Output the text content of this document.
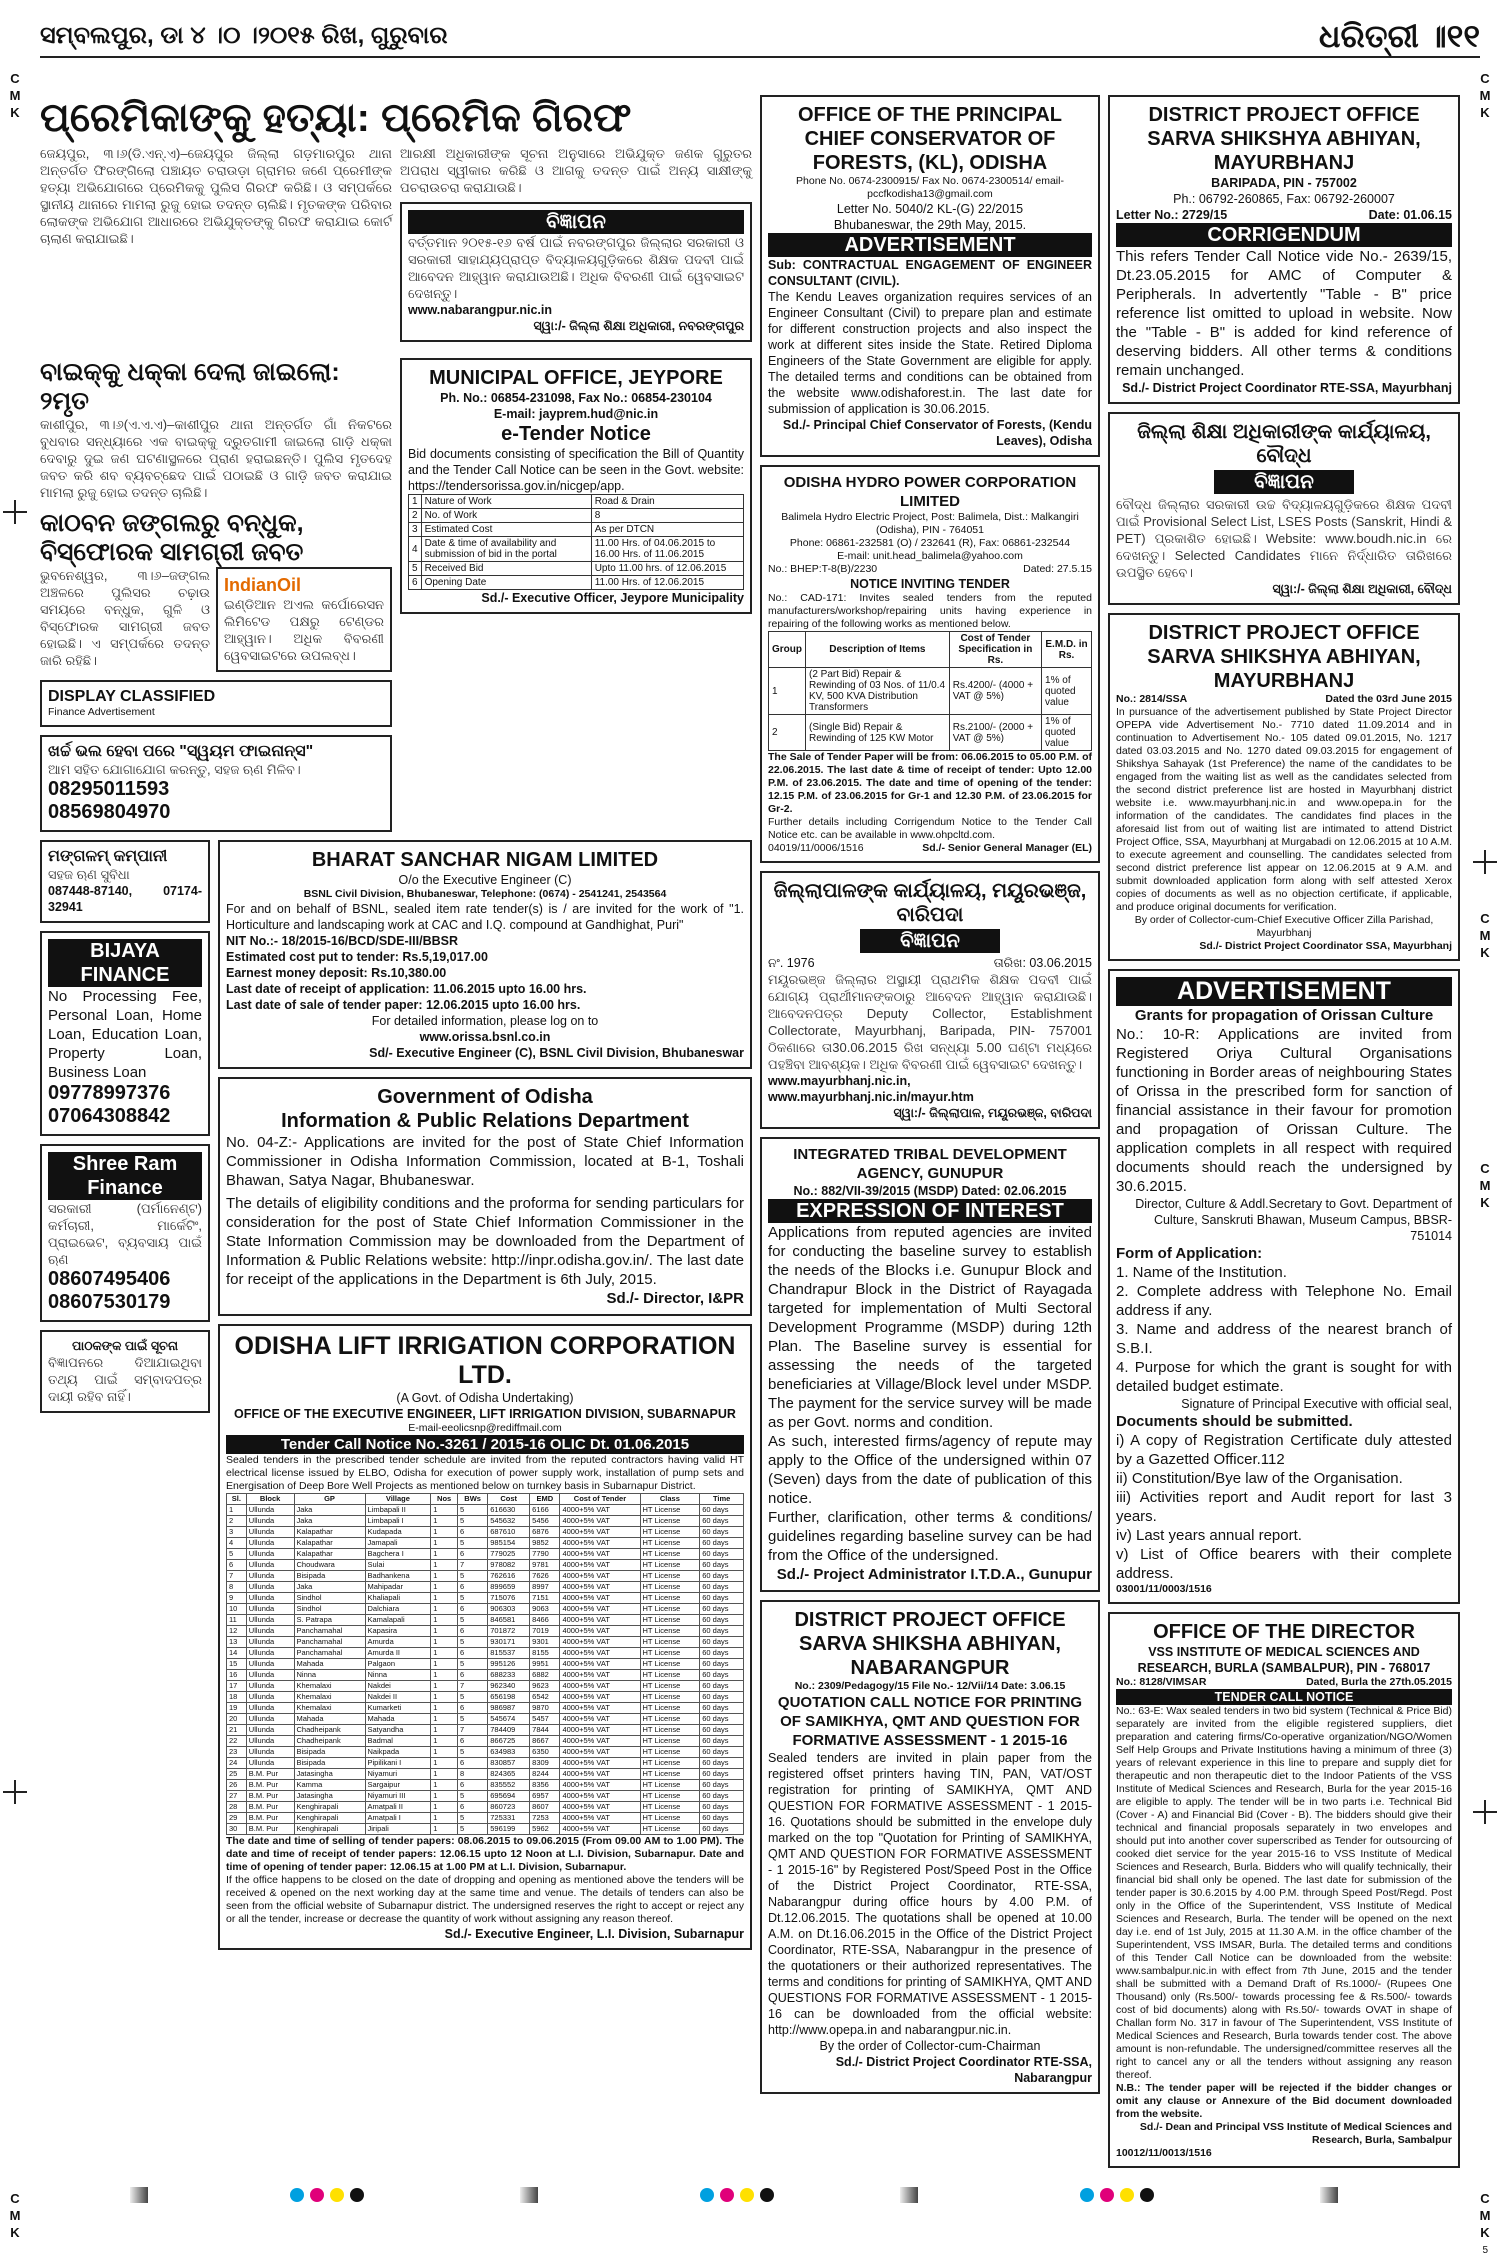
ସମ୍ବଲପୁର, ଡା ୪ ।୦ ।୨୦୧୫ ରିଖ, ଗୁରୁବାର	ଧରିତ୍ରୀ ॥୧୧
C M K
C M K
C M K
C M K
C M K
C M K
ପ୍ରେମିକାଙ୍କୁ ହତ୍ୟା: ପ୍ରେମିକ ଗିରଫ
ଜେୟପୁର, ୩।୬(ଡି.ଏନ୍.ଏ)–ଜେୟପୁର ଜିଲ୍ଲା ଗଡ଼ମାରପୁର ଥାନା ଅନ୍ତର୍ଗତ ଫିରଙ୍ଗିଲୋ ପଞ୍ଚାୟତ ଚରାଉଡ଼ା ଗ୍ରାମର ଜଣେ ପ୍ରେମୀଙ୍କ ହତ୍ୟା ଅଭିଯୋଗରେ ପ୍ରେମିକକୁ ପୁଲିସ ଗିରଫ କରିଛି। ଓ ସମ୍ପର୍କରେ ସ୍ଥାନୀୟ ଥାନାରେ ମାମଲା ରୁଜୁ ହୋଇ ତଦନ୍ତ ଚାଲିଛି। ମୃତକଙ୍କ ପରିବାର ଲୋକଙ୍କ ଅଭିଯୋଗ ଆଧାରରେ ଅଭିଯୁକ୍ତଙ୍କୁ ଗିରଫ କରାଯାଇ କୋର୍ଟ ଚାଲାଣ କରାଯାଇଛି।
ଆରକ୍ଷୀ ଅଧିକାରୀଙ୍କ ସୂଚନା ଅନୁସାରେ ଅଭିଯୁକ୍ତ ଜଣକ ଗୁରୁତର ଅପରାଧ ସ୍ୱୀକାର କରିଛି ଓ ଆଗକୁ ତଦନ୍ତ ପାଇଁ ଅନ୍ୟ ସାକ୍ଷୀଙ୍କୁ ପଚରାଉଚରା କରାଯାଉଛି।
ବିଜ୍ଞାପନ
ବର୍ତ୍ତମାନ ୨୦୧୫-୧୬ ବର୍ଷ ପାଇଁ ନବରଙ୍ଗପୁର ଜିଲ୍ଲାର ସରକାରୀ ଓ ସରକାରୀ ସାହାଯ୍ୟପ୍ରାପ୍ତ ବିଦ୍ୟାଳୟଗୁଡ଼ିକରେ ଶିକ୍ଷକ ପଦବୀ ପାଇଁ ଆବେଦନ ଆହ୍ୱାନ କରାଯାଉଅଛି। ଅଧିକ ବିବରଣୀ ପାଇଁ ୱେବସାଇଟ ଦେଖନ୍ତୁ।
www.nabarangpur.nic.in
ସ୍ୱା:/- ଜିଲ୍ଲା ଶିକ୍ଷା ଅଧିକାରୀ, ନବରଙ୍ଗପୁର
ବାଇକ୍‌କୁ ଧକ୍କା ଦେଲା ଜାଇଲୋ: ୨ମୃତ
କାଶୀପୁର, ୩।୬(ଏ.ଏ.ଏ)–କାଶୀପୁର ଥାନା ଅନ୍ତର୍ଗତ ଗାଁ ନିକଟରେ ବୁଧବାର ସନ୍ଧ୍ୟାରେ ଏକ ବାଇକ୍‌କୁ ଦ୍ରୁତଗାମୀ ଜାଇଲୋ ଗାଡ଼ି ଧକ୍କା ଦେବାରୁ ଦୁଇ ଜଣ ଘଟଣାସ୍ଥଳରେ ପ୍ରାଣ ହରାଇଛନ୍ତି। ପୁଲିସ ମୃତଦେହ ଜବତ କରି ଶବ ବ୍ୟବଚ୍ଛେଦ ପାଇଁ ପଠାଇଛି ଓ ଗାଡ଼ି ଜବତ କରାଯାଇ ମାମଲା ରୁଜୁ ହୋଇ ତଦନ୍ତ ଚାଲିଛି।
କାଠବନ ଜଙ୍ଗଲରୁ ବନ୍ଧୁକ, ବିସ୍ଫୋରକ ସାମଗ୍ରୀ ଜବତ
ଭୁବନେଶ୍ୱର, ୩।୬–ଜଙ୍ଗଲ ଅଞ୍ଚଳରେ ପୁଲିସର ଚଢ଼ାଉ ସମୟରେ ବନ୍ଧୁକ, ଗୁଳି ଓ ବିସ୍ଫୋରକ ସାମଗ୍ରୀ ଜବତ ହୋଇଛି। ଏ ସମ୍ପର୍କରେ ତଦନ୍ତ ଜାରି ରହିଛି।
IndianOil
ଇଣ୍ଡିଆନ ଅଏଲ କର୍ପୋରେସନ ଲିମିଟେଡ ପକ୍ଷରୁ ଟେଣ୍ଡର ଆହ୍ୱାନ। ଅଧିକ ବିବରଣୀ ୱେବସାଇଟରେ ଉପଲବ୍ଧ।
DISPLAY CLASSIFIED
Finance Advertisement
ଖର୍ଚ୍ଚ ଭଲ ହେବା ପରେ "ସ୍ୱୟମ ଫାଇନାନ୍ସ"
ଆମ ସହିତ ଯୋଗାଯୋଗ କରନ୍ତୁ, ସହଜ ଋଣ ମିଳିବ।
08295011593
08569804970
MUNICIPAL OFFICE, JEYPORE
Ph. No.: 06854-231098, Fax No.: 06854-230104
E-mail: jayprem.hud@nic.in
e-Tender Notice
Bid documents consisting of specification the Bill of Quantity and the Tender Call Notice can be seen in the Govt. website: https://tendersorissa.gov.in/nicgep/app.
1	Nature of Work	Road & Drain
2	No. of Work	8
3	Estimated Cost	As per DTCN
4	Date & time of availability and submission of bid in the portal	11.00 Hrs. of 04.06.2015 to 16.00 Hrs. of 11.06.2015
5	Received Bid	Upto 11.00 hrs. of 12.06.2015
6	Opening Date	11.00 Hrs. of 12.06.2015
Sd./- Executive Officer, Jeypore Municipality
ମଙ୍ଗଳମ୍ କମ୍ପାନୀ
ସହଜ ଋଣ ସୁବିଧା
087448-87140, 07174-32941
BIJAYA FINANCE
No Processing Fee, Personal Loan, Home Loan, Education Loan, Property Loan, Business Loan
09778997376
07064308842
Shree Ram Finance
ସରକାରୀ (ପର୍ମାନେଣ୍ଟ) କର୍ମଚାରୀ, ମାର୍କେଟିଂ, ପ୍ରାଇଭେଟ, ବ୍ୟବସାୟ ପାଇଁ ଋଣ
08607495406
08607530179
ପାଠକଙ୍କ ପାଇଁ ସୂଚନା
ବିଜ୍ଞାପନରେ ଦିଆଯାଇଥିବା ତଥ୍ୟ ପାଇଁ ସମ୍ବାଦପତ୍ର ଦାୟୀ ରହିବ ନାହିଁ।
BHARAT SANCHAR NIGAM LIMITED
O/o the Executive Engineer (C)
BSNL Civil Division, Bhubaneswar, Telephone: (0674) - 2541241, 2543564
For and on behalf of BSNL, sealed item rate tender(s) is / are invited for the work of "1. Horticulture and landscaping work at CAC and I.Q. compound at Gandhighat, Puri"
NIT No.:- 18/2015-16/BCD/SDE-III/BBSR
Estimated cost put to tender: Rs.5,19,017.00
Earnest money deposit: Rs.10,380.00
Last date of receipt of application: 11.06.2015 upto 16.00 hrs.
Last date of sale of tender paper: 12.06.2015 upto 16.00 hrs.
For detailed information, please log on to
www.orissa.bsnl.co.in
Sd/- Executive Engineer (C), BSNL Civil Division, Bhubaneswar
Government of Odisha
Information & Public Relations Department
No. 04-Z:- Applications are invited for the post of State Chief Information Commissioner in Odisha Information Commission, located at B-1, Toshali Bhawan, Satya Nagar, Bhubaneswar.
The details of eligibility conditions and the proforma for sending particulars for consideration for the post of State Chief Information Commissioner in the State Information Commission may be downloaded from the Department of Information & Public Relations website: http://inpr.odisha.gov.in/. The last date for receipt of the applications in the Department is 6th July, 2015.
Sd./- Director, I&PR
ODISHA LIFT IRRIGATION CORPORATION LTD.
(A Govt. of Odisha Undertaking)
OFFICE OF THE EXECUTIVE ENGINEER, LIFT IRRIGATION DIVISION, SUBARNAPUR
E-mail-eeolicsnp@rediffmail.com
Tender Call Notice No.-3261 / 2015-16 OLIC Dt. 01.06.2015
Sealed tenders in the prescribed tender schedule are invited from the reputed contractors having valid HT electrical license issued by ELBO, Odisha for execution of power supply work, installation of pump sets and Energisation of Deep Bore Well Projects as mentioned below on turnkey basis in Subarnapur District.
Sl.	Block	GP	Village	Nos	BWs	Cost	EMD	Cost of Tender	Class	Time
1	Ullunda	Jaka	Limbapali II	1	5	616630	6166	4000+5% VAT	HT License	60 days
2	Ullunda	Jaka	Limbapali I	1	5	545632	5456	4000+5% VAT	HT License	60 days
3	Ullunda	Kalapathar	Kudapada	1	6	687610	6876	4000+5% VAT	HT License	60 days
4	Ullunda	Kalapathar	Jamapali	1	5	985154	9852	4000+5% VAT	HT License	60 days
5	Ullunda	Kalapathar	Bagchera I	1	6	779025	7790	4000+5% VAT	HT License	60 days
6	Ullunda	Choudwara	Sulai	1	7	978082	9781	4000+5% VAT	HT License	60 days
7	Ullunda	Bisipada	Badhankena	1	5	762616	7626	4000+5% VAT	HT License	60 days
8	Ullunda	Jaka	Mahipadar	1	6	899659	8997	4000+5% VAT	HT License	60 days
9	Ullunda	Sindhol	Khaliapali	1	5	715076	7151	4000+5% VAT	HT License	60 days
10	Ullunda	Sindhol	Dalchiara	1	6	906303	9063	4000+5% VAT	HT License	60 days
11	Ullunda	S. Patrapa	Kamalapali	1	5	846581	8466	4000+5% VAT	HT License	60 days
12	Ullunda	Panchamahal	Kapasira	1	6	701872	7019	4000+5% VAT	HT License	60 days
13	Ullunda	Panchamahal	Amurda	1	5	930171	9301	4000+5% VAT	HT License	60 days
14	Ullunda	Panchamahal	Amurda II	1	6	815537	8155	4000+5% VAT	HT License	60 days
15	Ullunda	Mahada	Palgaon	1	5	995126	9951	4000+5% VAT	HT License	60 days
16	Ullunda	Ninna	Ninna	1	6	688233	6882	4000+5% VAT	HT License	60 days
17	Ullunda	Khemalaxi	Nakdei	1	7	962340	9623	4000+5% VAT	HT License	60 days
18	Ullunda	Khemalaxi	Nakdei II	1	5	656198	6542	4000+5% VAT	HT License	60 days
19	Ullunda	Khemalaxi	Kumarketi	1	6	986987	9870	4000+5% VAT	HT License	60 days
20	Ullunda	Mahada	Mahada	1	5	545674	5457	4000+5% VAT	HT License	60 days
21	Ullunda	Chadheipank	Satyandha	1	7	784409	7844	4000+5% VAT	HT License	60 days
22	Ullunda	Chadheipank	Badmal	1	6	866725	8667	4000+5% VAT	HT License	60 days
23	Ullunda	Bisipada	Naikpada	1	5	634983	6350	4000+5% VAT	HT License	60 days
24	Ullunda	Bisipada	Pipilikani I	1	6	830857	8309	4000+5% VAT	HT License	60 days
25	B.M. Pur	Jatasingha	Niyamuri	1	8	824365	8244	4000+5% VAT	HT License	60 days
26	B.M. Pur	Kamma	Sargaipur	1	6	835552	8356	4000+5% VAT	HT License	60 days
27	B.M. Pur	Jatasingha	Niyamuri III	1	5	695694	6957	4000+5% VAT	HT License	60 days
28	B.M. Pur	Kenghirapali	Amatpali II	1	6	860723	8607	4000+5% VAT	HT License	60 days
29	B.M. Pur	Kenghirapali	Amatpali I	1	5	725331	7253	4000+5% VAT	HT License	60 days
30	B.M. Pur	Kenghirapali	Jiripali	1	5	596199	5962	4000+5% VAT	HT License	60 days
The date and time of selling of tender papers: 08.06.2015 to 09.06.2015 (From 09.00 AM to 1.00 PM). The date and time of receipt of tender papers: 12.06.15 upto 12 Noon at L.I. Division, Subarnapur. Date and time of opening of tender paper: 12.06.15 at 1.00 PM at L.I. Division, Subarnapur.
If the office happens to be closed on the date of dropping and opening as mentioned above the tenders will be received & opened on the next working day at the same time and venue. The details of tenders can also be seen from the official website of Subarnapur district. The undersigned reserves the right to accept or reject any or all the tender, increase or decrease the quantity of work without assigning any reason thereof.
Sd./- Executive Engineer, L.I. Division, Subarnapur
OFFICE OF THE PRINCIPAL CHIEF CONSERVATOR OF FORESTS, (KL), ODISHA
Phone No. 0674-2300915/ Fax No. 0674-2300514/ email-pccfkodisha13@gmail.com
Letter No. 5040/2 KL-(G) 22/2015
Bhubaneswar, the 29th May, 2015.
ADVERTISEMENT
Sub: CONTRACTUAL ENGAGEMENT OF ENGINEER CONSULTANT (CIVIL).
The Kendu Leaves organization requires services of an Engineer Consultant (Civil) to prepare plan and estimate for different construction projects and also inspect the work at different sites inside the State. Retired Diploma Engineers of the State Government are eligible for apply. The detailed terms and conditions can be obtained from the website www.odishaforest.in. The last date for submission of application is 30.06.2015.
Sd./- Principal Chief Conservator of Forests, (Kendu Leaves), Odisha
ODISHA HYDRO POWER CORPORATION LIMITED
Balimela Hydro Electric Project, Post: Balimela, Dist.: Malkangiri (Odisha), PIN - 764051
Phone: 06861-232581 (O) / 232641 (R), Fax: 06861-232544
E-mail: unit.head_balimela@yahoo.com
No.: BHEP:T-8(B)/2230	Dated: 27.5.15
NOTICE INVITING TENDER
No.: CAD-171: Invites sealed tenders from the reputed manufacturers/workshop/repairing units having experience in repairing of the following works as mentioned below.
Group	Description of Items	Cost of Tender Specification in Rs.	E.M.D. in Rs.
1	(2 Part Bid) Repair & Rewinding of 03 Nos. of 11/0.4 KV, 500 KVA Distribution Transformers	Rs.4200/- (4000 + VAT @ 5%)	1% of quoted value
2	(Single Bid) Repair & Rewinding of 125 KW Motor	Rs.2100/- (2000 + VAT @ 5%)	1% of quoted value
The Sale of Tender Paper will be from: 06.06.2015 to 05.00 P.M. of 22.06.2015. The last date & time of receipt of tender: Upto 12.00 P.M. of 23.06.2015. The date and time of opening of the tender: 12.15 P.M. of 23.06.2015 for Gr-1 and 12.30 P.M. of 23.06.2015 for Gr-2.
Further details including Corrigendum Notice to the Tender Call Notice etc. can be available in www.ohpcltd.com.
04019/11/0006/1516	Sd./- Senior General Manager (EL)
ଜିଲ୍ଲାପାଳଙ୍କ କାର୍ଯ୍ୟାଳୟ, ମୟୂରଭଞ୍ଜ, ବାରିପଦା
ବିଜ୍ଞାପନ
ନଂ. 1976	ତାରିଖ: 03.06.2015
ମୟୂରଭଞ୍ଜ ଜିଲ୍ଲାର ଅସ୍ଥାୟୀ ପ୍ରାଥମିକ ଶିକ୍ଷକ ପଦବୀ ପାଇଁ ଯୋଗ୍ୟ ପ୍ରାର୍ଥୀମାନଙ୍କଠାରୁ ଆବେଦନ ଆହ୍ୱାନ କରାଯାଉଛି। ଆବେଦନପତ୍ର Deputy Collector, Establishment Collectorate, Mayurbhanj, Baripada, PIN- 757001 ଠିକଣାରେ ତା30.06.2015 ରିଖ ସନ୍ଧ୍ୟା 5.00 ଘଣ୍ଟା ମଧ୍ୟରେ ପହଞ୍ଚିବା ଆବଶ୍ୟକ। ଅଧିକ ବିବରଣୀ ପାଇଁ ୱେବସାଇଟ ଦେଖନ୍ତୁ।
www.mayurbhanj.nic.in, www.mayurbhanj.nic.in/mayur.htm
ସ୍ୱା:/- ଜିଲ୍ଲାପାଳ, ମୟୂରଭଞ୍ଜ, ବାରିପଦା
INTEGRATED TRIBAL DEVELOPMENT AGENCY, GUNUPUR
No.: 882/VII-39/2015 (MSDP) Dated: 02.06.2015
EXPRESSION OF INTEREST
Applications from reputed agencies are invited for conducting the baseline survey to establish the needs of the Blocks i.e. Gunupur Block and Chandrapur Block in the District of Rayagada targeted for implementation of Multi Sectoral Development Programme (MSDP) during 12th Plan. The Baseline survey is essential for assessing the needs of the targeted beneficiaries at Village/Block level under MSDP. The payment for the service survey will be made as per Govt. norms and condition.
As such, interested firms/agency of repute may apply to the Office of the undersigned within 07 (Seven) days from the date of publication of this notice.
Further, clarification, other terms & conditions/ guidelines regarding baseline survey can be had from the Office of the undersigned.
Sd./- Project Administrator I.T.D.A., Gunupur
DISTRICT PROJECT OFFICE
SARVA SHIKSHA ABHIYAN, NABARANGPUR
No.: 2309/Pedagogy/15 File No.- 12/Vii/14 Date: 3.06.15
QUOTATION CALL NOTICE FOR PRINTING OF SAMIKHYA, QMT AND QUESTION FOR FORMATIVE ASSESSMENT - 1 2015-16
Sealed tenders are invited in plain paper from the registered offset printers having TIN, PAN, VAT/OST registration for printing of SAMIKHYA, QMT AND QUESTION FOR FORMATIVE ASSESSMENT - 1 2015-16. Quotations should be submitted in the envelope duly marked on the top "Quotation for Printing of SAMIKHYA, QMT AND QUESTION FOR FORMATIVE ASSESSMENT - 1 2015-16" by Registered Post/Speed Post in the Office of the District Project Coordinator, RTE-SSA, Nabarangpur during office hours by 4.00 P.M. of Dt.12.06.2015. The quotations shall be opened at 10.00 A.M. on Dt.16.06.2015 in the Office of the District Project Coordinator, RTE-SSA, Nabarangpur in the presence of the quotationers or their authorized representatives. The terms and conditions for printing of SAMIKHYA, QMT AND QUESTIONS FOR FORMATIVE ASSESSMENT - 1 2015-16 can be downloaded from the official website: http://www.opepa.in and nabarangpur.nic.in.
By the order of Collector-cum-Chairman
Sd./- District Project Coordinator RTE-SSA, Nabarangpur
DISTRICT PROJECT OFFICE
SARVA SHIKSHYA ABHIYAN, MAYURBHANJ
BARIPADA, PIN - 757002
Ph.: 06792-260865, Fax: 06792-260007
Letter No.: 2729/15	Date: 01.06.15
CORRIGENDUM
This refers Tender Call Notice vide No.- 2639/15, Dt.23.05.2015 for AMC of Computer & Peripherals. In advertently "Table - B" price reference list omitted to upload in website. Now the "Table - B" is added for kind reference of deserving bidders. All other terms & conditions remain unchanged.
Sd./- District Project Coordinator RTE-SSA, Mayurbhanj
ଜିଲ୍ଲା ଶିକ୍ଷା ଅଧିକାରୀଙ୍କ କାର୍ଯ୍ୟାଳୟ, ବୌଦ୍ଧ
ବିଜ୍ଞାପନ
ବୌଦ୍ଧ ଜିଲ୍ଲାର ସରକାରୀ ଉଚ୍ଚ ବିଦ୍ୟାଳୟଗୁଡ଼ିକରେ ଶିକ୍ଷକ ପଦବୀ ପାଇଁ Provisional Select List, LSES Posts (Sanskrit, Hindi & PET) ପ୍ରକାଶିତ ହୋଇଛି। Website: www.boudh.nic.in ରେ ଦେଖନ୍ତୁ। Selected Candidates ମାନେ ନିର୍ଦ୍ଧାରିତ ତାରିଖରେ ଉପସ୍ଥିତ ହେବେ।
ସ୍ୱା:/- ଜିଲ୍ଲା ଶିକ୍ଷା ଅଧିକାରୀ, ବୌଦ୍ଧ
DISTRICT PROJECT OFFICE
SARVA SHIKSHYA ABHIYAN, MAYURBHANJ
No.: 2814/SSA	Dated the 03rd June 2015
In pursuance of the advertisement published by State Project Director OPEPA vide Advertisement No.- 7710 dated 11.09.2014 and in continuation to Advertisement No.- 105 dated 09.01.2015, No. 1217 dated 03.03.2015 and No. 1270 dated 09.03.2015 for engagement of Shikshya Sahayak (1st Preference) the name of the candidates to be engaged from the waiting list as well as the candidates selected from the second district preference list are hosted in Mayurbhanj district website i.e. www.mayurbhanj.nic.in and www.opepa.in for the information of the candidates. The candidates find places in the aforesaid list from out of waiting list are intimated to attend District Project Office, SSA, Mayurbhanj at Murgabadi on 12.06.2015 at 10 A.M. to execute agreement and counselling. The candidates selected from second district preference list appear on 12.06.2015 at 9 A.M. and submit downloaded application form along with self attested Xerox copies of documents as well as no objection certificate, if applicable, and produce original documents for verification.
By order of Collector-cum-Chief Executive Officer Zilla Parishad, Mayurbhanj
Sd./- District Project Coordinator SSA, Mayurbhanj
ADVERTISEMENT
Grants for propagation of Orissan Culture
No.: 10-R: Applications are invited from Registered Oriya Cultural Organisations functioning in Border areas of neighbouring States of Orissa in the prescribed form for sanction of financial assistance in their favour for promotion and propagation of Orissan Culture. The application complets in all respect with required documents should reach the undersigned by 30.6.2015.
Director, Culture & Addl.Secretary to Govt. Department of Culture, Sanskruti Bhawan, Museum Campus, BBSR-751014
Form of Application:
1. Name of the Institution.
2. Complete address with Telephone No. Email address if any.
3. Name and address of the nearest branch of S.B.I.
4. Purpose for which the grant is sought for with detailed budget estimate.
Signature of Principal Executive with official seal,
Documents should be submitted.
i) A copy of Registration Certificate duly attested by a Gazetted Officer.112
ii) Constitution/Bye law of the Organisation.
iii) Activities report and Audit report for last 3 years.
iv) Last years annual report.
v) List of Office bearers with their complete address.
03001/11/0003/1516
OFFICE OF THE DIRECTOR
VSS INSTITUTE OF MEDICAL SCIENCES AND RESEARCH, BURLA (SAMBALPUR), PIN - 768017
No.: 8128/VIMSAR	Dated, Burla the 27th.05.2015
TENDER CALL NOTICE
No.: 63-E: Wax sealed tenders in two bid system (Technical & Price Bid) separately are invited from the eligible registered suppliers, diet preparation and catering firms/Co-operative organization/NGO/Women Self Help Groups and Private Institutions having a minimum of three (3) years of relevant experience in this line to prepare and supply diet for therapeutic and non therapeutic diet to the Indoor Patients of the VSS Institute of Medical Sciences and Research, Burla for the year 2015-16 are eligible to apply. The tender will be in two parts i.e. Technical Bid (Cover - A) and Financial Bid (Cover - B). The bidders should give their technical and financial proposals separately in two envelopes and should put into another cover superscribed as Tender for outsourcing of cooked diet service for the year 2015-16 to VSS Institute of Medical Sciences and Research, Burla. Bidders who will qualify technically, their financial bid shall only be opened. The last date for submission of the tender paper is 30.6.2015 by 4.00 P.M. through Speed Post/Regd. Post only in the Office of the Superintendent, VSS Institute of Medical Sciences and Research, Burla. The tender will be opened on the next day i.e. end of 1st July, 2015 at 11.30 A.M. in the office chamber of the Superintendent, VSS IMSAR, Burla. The detailed terms and conditions of this Tender Call Notice can be downloaded from the website: www.sambalpur.nic.in with effect from 7th June, 2015 and the tender shall be submitted with a Demand Draft of Rs.1000/- (Rupees One Thousand) only (Rs.500/- towards processing fee & Rs.500/- towards cost of bid documents) along with Rs.50/- towards OVAT in shape of Challan form No. 317 in favour of The Superintendent, VSS Institute of Medical Sciences and Research, Burla towards tender cost. The above amount is non-refundable. The undersigned/committee reserves all the right to cancel any or all the tenders without assigning any reason thereof.
N.B.: The tender paper will be rejected if the bidder changes or omit any clause or Annexure of the Bid document downloaded from the website.
Sd./- Dean and Principal VSS Institute of Medical Sciences and Research, Burla, Sambalpur
10012/11/0013/1516
5
